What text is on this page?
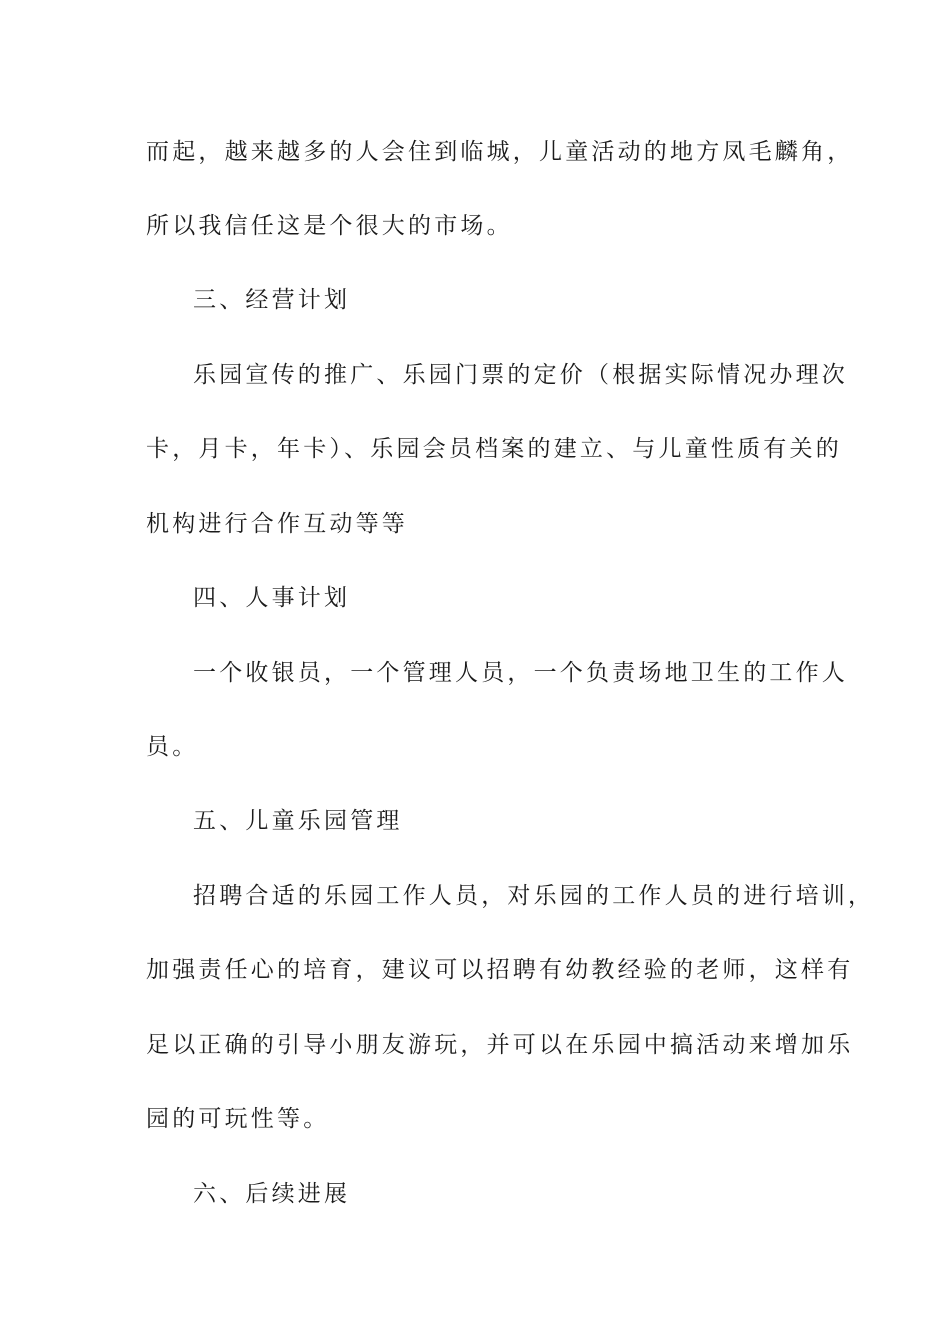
而起，越来越多的人会住到临城，儿童活动的地方凤毛麟角，
所以我信任这是个很大的市场。
三、经营计划
乐园宣传的推广、乐园门票的定价（根据实际情况办理次
卡，月卡，年卡）、乐园会员档案的建立、与儿童性质有关的
机构进行合作互动等等
四、人事计划
一个收银员，一个管理人员，一个负责场地卫生的工作人
员。
五、儿童乐园管理
招聘合适的乐园工作人员，对乐园的工作人员的进行培训，
加强责任心的培育，建议可以招聘有幼教经验的老师，这样有
足以正确的引导小朋友游玩，并可以在乐园中搞活动来增加乐
园的可玩性等。
六、后续进展
